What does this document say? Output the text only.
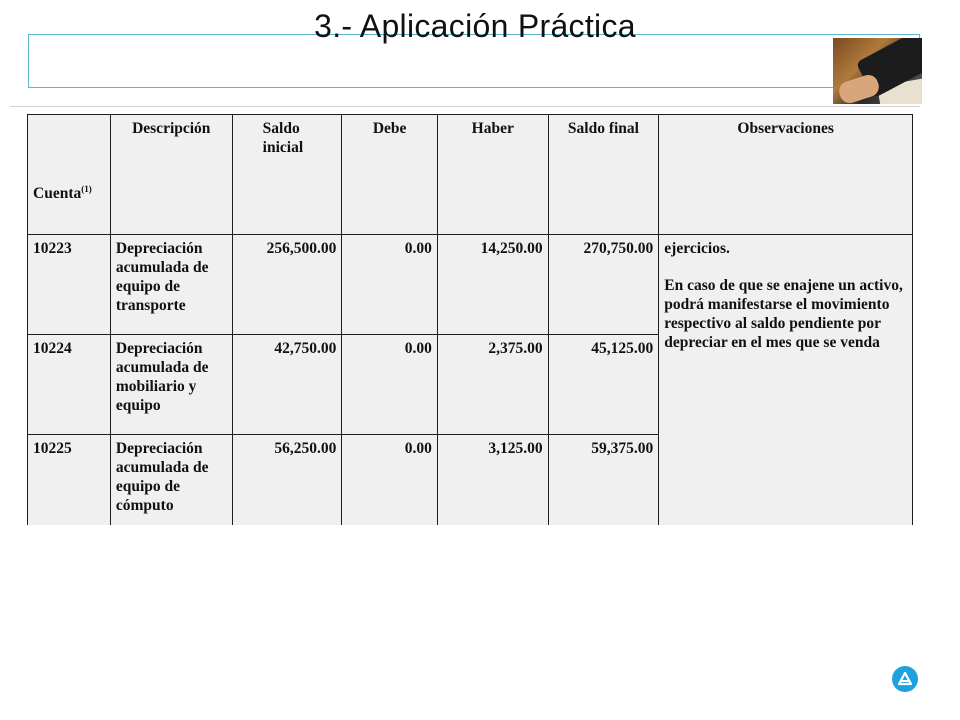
3.- Aplicación Práctica
Cuenta$^{(1)}$	Descripción	Saldo inicial	Debe	Haber	Saldo final	Observaciones
10223	Depreciación acumulada de equipo de transporte	256,500.00	0.00	14,250.00	270,750.00	ejercicios.

En caso de que se enajene un activo, podrá manifestarse el movimiento respectivo al saldo pendiente por depreciar en el mes que se venda

10224	Depreciación acumulada de mobiliario y equipo	42,750.00	0.00	2,375.00	45,125.00	
10225	Depreciación acumulada de equipo de cómputo	56,250.00	0.00	3,125.00	59,375.00	
